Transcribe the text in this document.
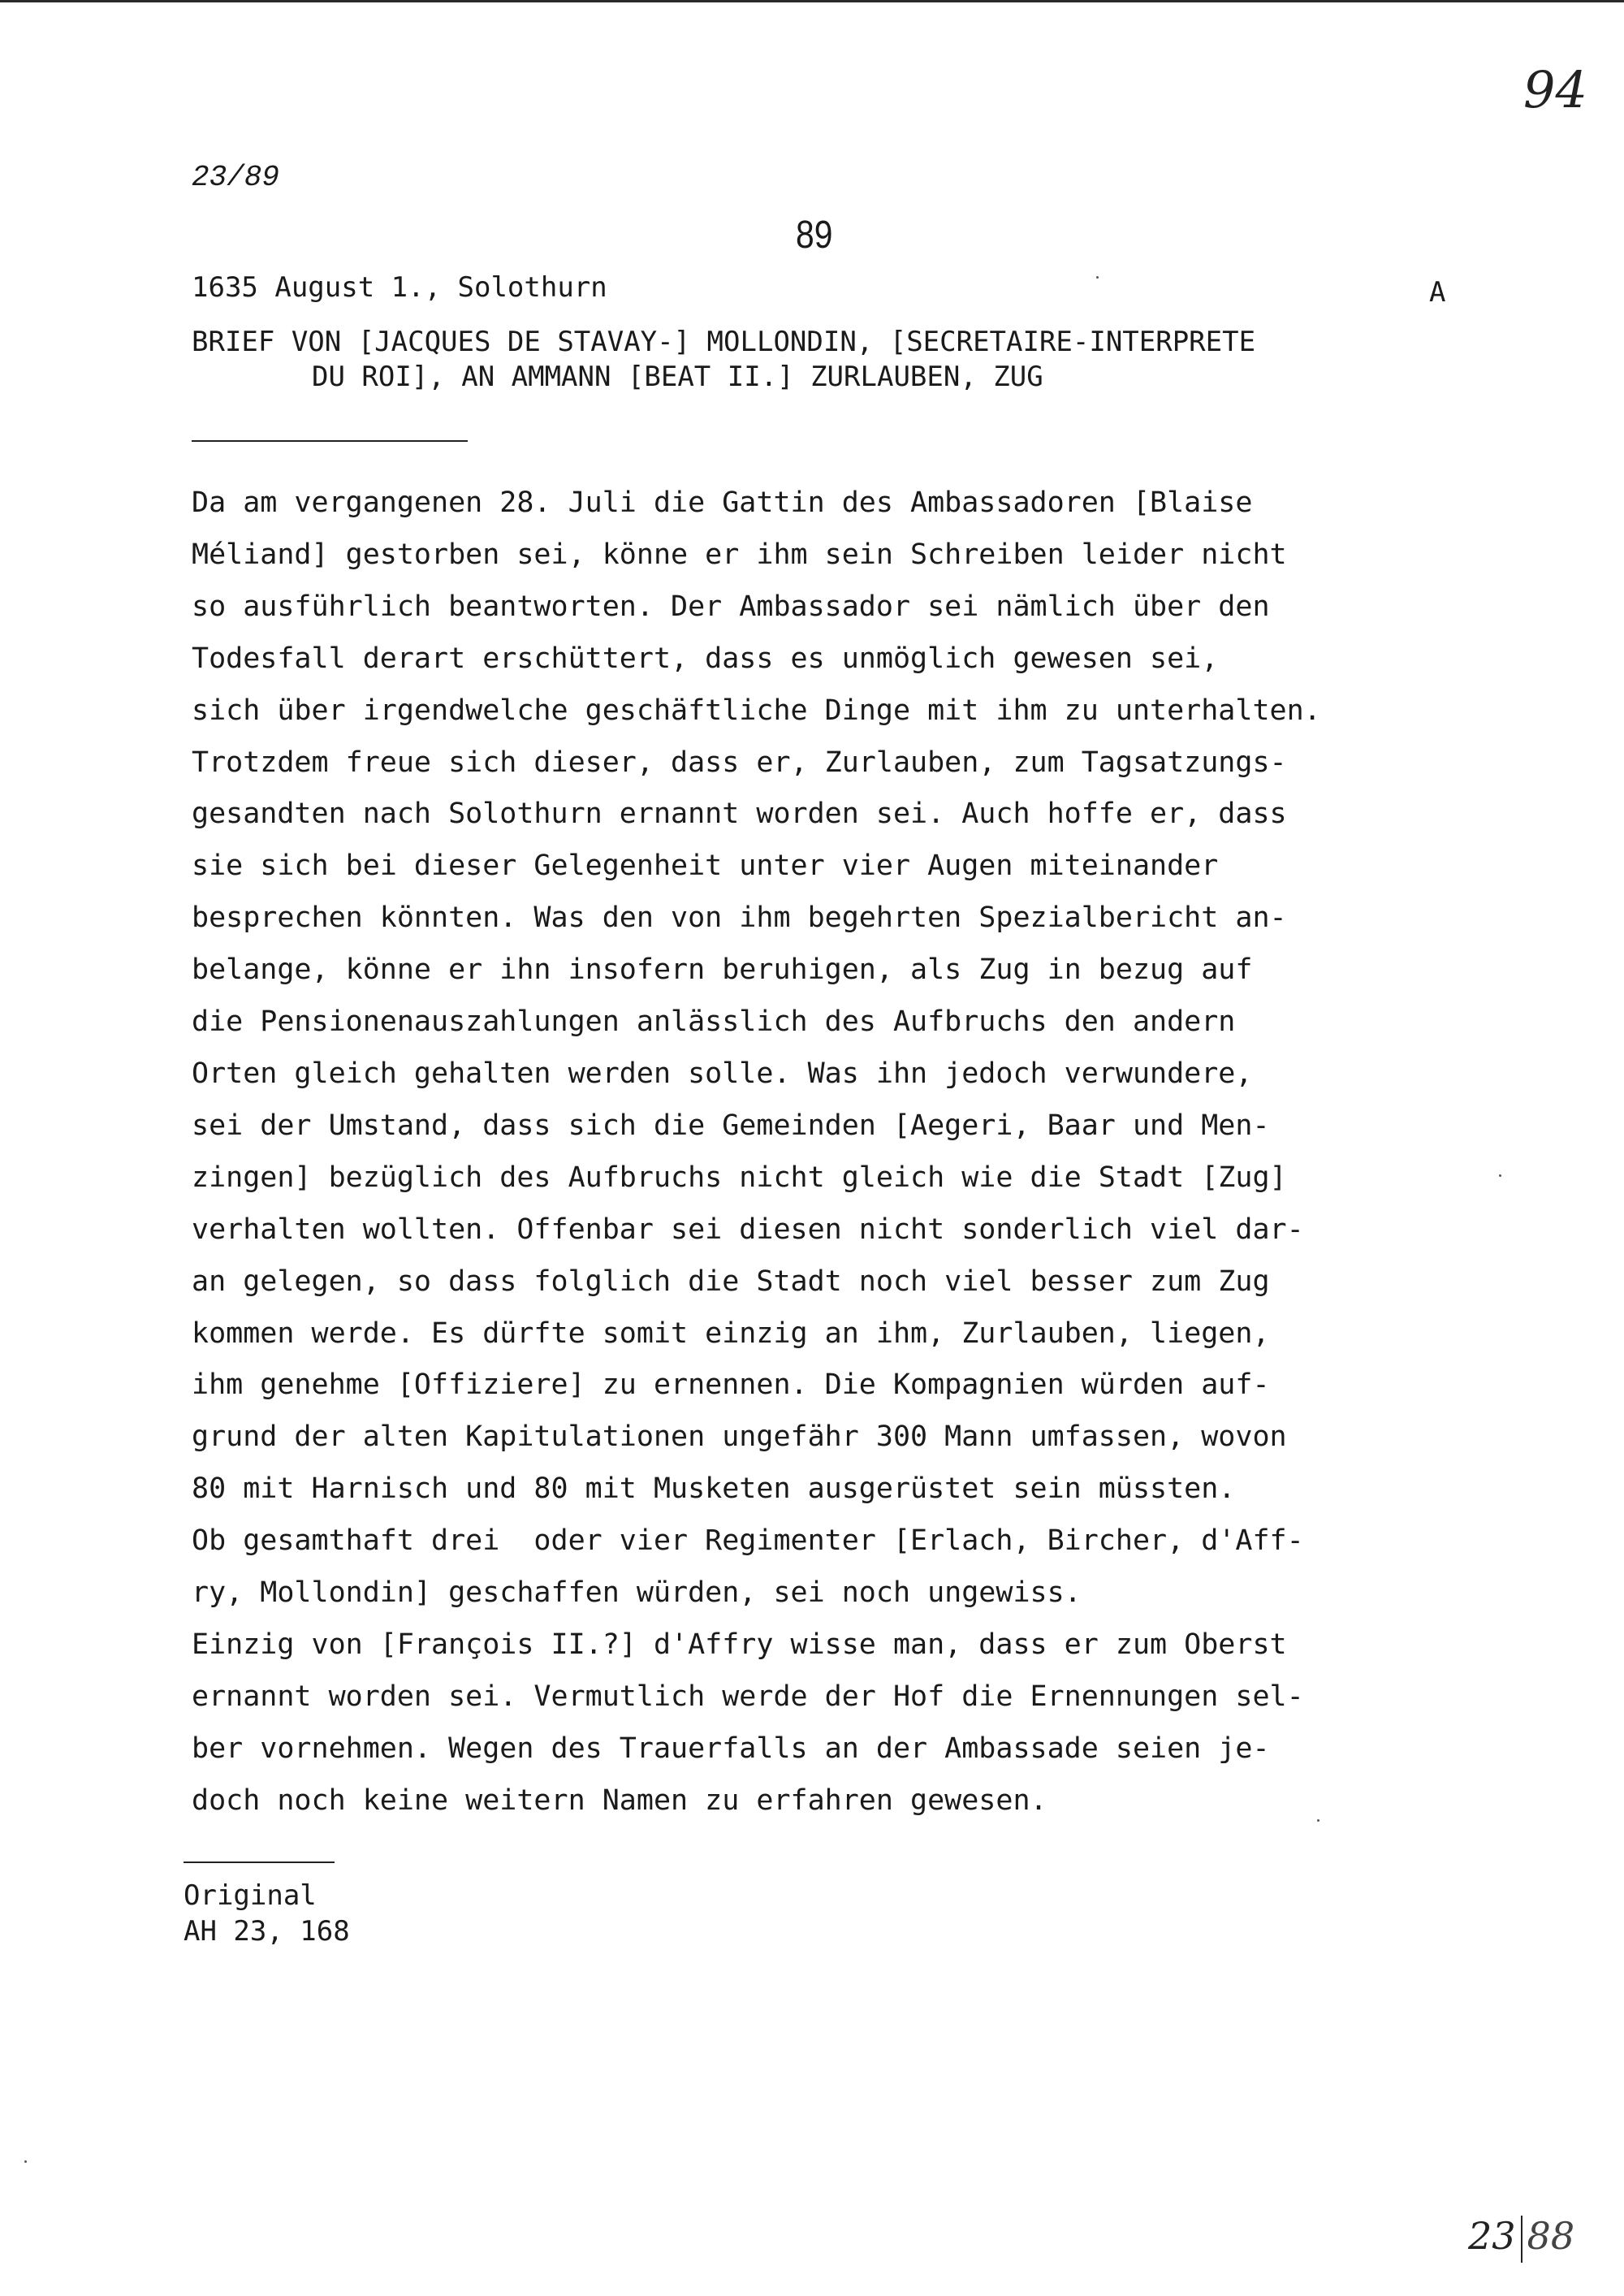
94
23/89
89
1635 August 1., Solothurn	A
BRIEF VON [JACQUES DE STAVAY-] MOLLONDIN, [SECRETAIRE-INTERPRETE
DU ROI], AN AMMANN [BEAT II.] ZURLAUBEN, ZUG
Da am vergangenen 28. Juli die Gattin des Ambassadoren [Blaise
Méliand] gestorben sei, könne er ihm sein Schreiben leider nicht
so ausführlich beantworten. Der Ambassador sei nämlich über den
Todesfall derart erschüttert, dass es unmöglich gewesen sei,
sich über irgendwelche geschäftliche Dinge mit ihm zu unterhalten.
Trotzdem freue sich dieser, dass er, Zurlauben, zum Tagsatzungs-
gesandten nach Solothurn ernannt worden sei. Auch hoffe er, dass
sie sich bei dieser Gelegenheit unter vier Augen miteinander
besprechen könnten. Was den von ihm begehrten Spezialbericht an-
belange, könne er ihn insofern beruhigen, als Zug in bezug auf
die Pensionenauszahlungen anlässlich des Aufbruchs den andern
Orten gleich gehalten werden solle. Was ihn jedoch verwundere,
sei der Umstand, dass sich die Gemeinden [Aegeri, Baar und Men-
zingen] bezüglich des Aufbruchs nicht gleich wie die Stadt [Zug]
verhalten wollten. Offenbar sei diesen nicht sonderlich viel dar-
an gelegen, so dass folglich die Stadt noch viel besser zum Zug
kommen werde. Es dürfte somit einzig an ihm, Zurlauben, liegen,
ihm genehme [Offiziere] zu ernennen. Die Kompagnien würden auf-
grund der alten Kapitulationen ungefähr 300 Mann umfassen, wovon
80 mit Harnisch und 80 mit Musketen ausgerüstet sein müssten.
Ob gesamthaft drei  oder vier Regimenter [Erlach, Bircher, d'Aff-
ry, Mollondin] geschaffen würden, sei noch ungewiss.
Einzig von [François II.?] d'Affry wisse man, dass er zum Oberst
ernannt worden sei. Vermutlich werde der Hof die Ernennungen sel-
ber vornehmen. Wegen des Trauerfalls an der Ambassade seien je-
doch noch keine weitern Namen zu erfahren gewesen.
Original
AH 23, 168
23 88
